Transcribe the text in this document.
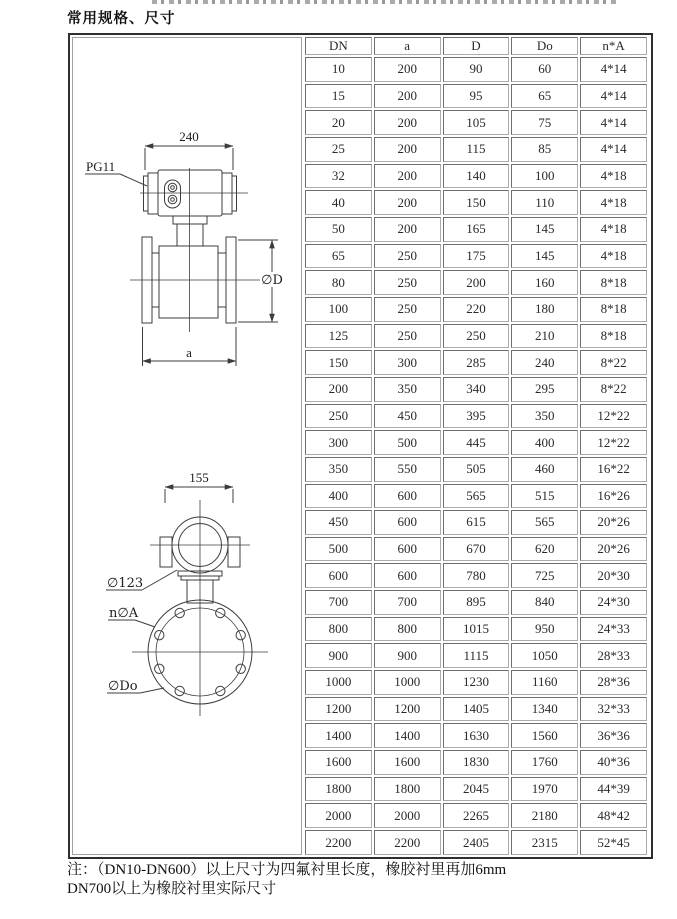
常用规格、尺寸
240
PG11
∅D
a
155
∅123
n∅A
∅Do
DN	a	D	Do	n*A
10	200	90	60	4*14
15	200	95	65	4*14
20	200	105	75	4*14
25	200	115	85	4*14
32	200	140	100	4*18
40	200	150	110	4*18
50	200	165	145	4*18
65	250	175	145	4*18
80	250	200	160	8*18
100	250	220	180	8*18
125	250	250	210	8*18
150	300	285	240	8*22
200	350	340	295	8*22
250	450	395	350	12*22
300	500	445	400	12*22
350	550	505	460	16*22
400	600	565	515	16*26
450	600	615	565	20*26
500	600	670	620	20*26
600	600	780	725	20*30
700	700	895	840	24*30
800	800	1015	950	24*33
900	900	1115	1050	28*33
1000	1000	1230	1160	28*36
1200	1200	1405	1340	32*33
1400	1400	1630	1560	36*36
1600	1600	1830	1760	40*36
1800	1800	2045	1970	44*39
2000	2000	2265	2180	48*42
2200	2200	2405	2315	52*45
注：（DN10-DN600）以上尺寸为四氟衬里长度，橡胶衬里再加6mm
DN700以上为橡胶衬里实际尺寸
